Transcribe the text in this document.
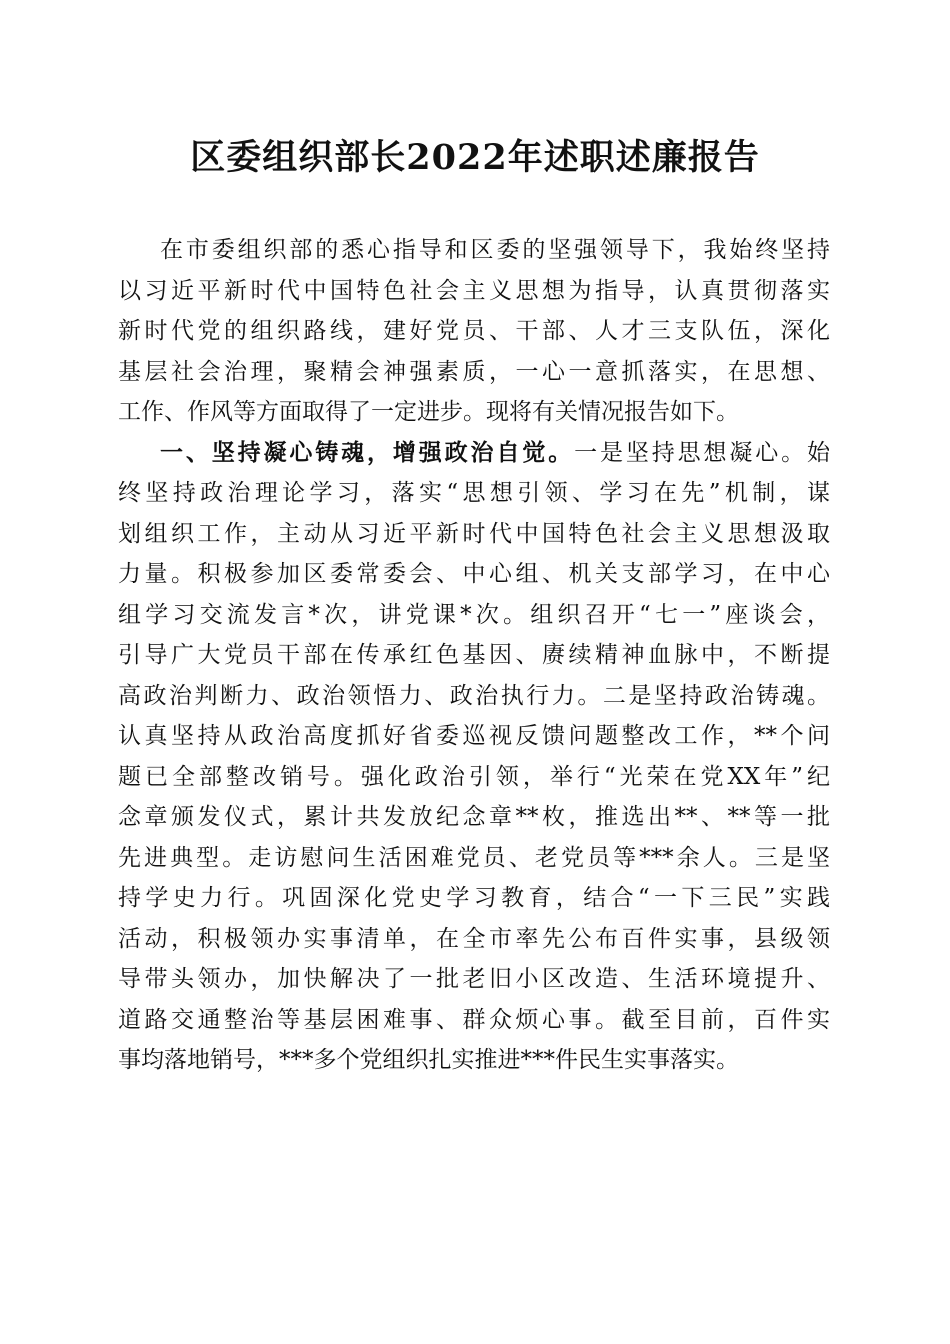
区委组织部长2022年述职述廉报告
在市委组织部的悉心指导和区委的坚强领导下，我始终坚持
以习近平新时代中国特色社会主义思想为指导，认真贯彻落实
新时代党的组织路线，建好党员、干部、人才三支队伍，深化
基层社会治理，聚精会神强素质，一心一意抓落实，在思想、
工作、作风等方面取得了一定进步。现将有关情况报告如下。
一、坚持凝心铸魂，增强政治自觉。一是坚持思想凝心。始
终坚持政治理论学习，落实“思想引领、学习在先”机制，谋
划组织工作，主动从习近平新时代中国特色社会主义思想汲取
力量。积极参加区委常委会、中心组、机关支部学习，在中心
组学习交流发言*次，讲党课*次。组织召开“七一”座谈会，
引导广大党员干部在传承红色基因、赓续精神血脉中，不断提
高政治判断力、政治领悟力、政治执行力。二是坚持政治铸魂。
认真坚持从政治高度抓好省委巡视反馈问题整改工作，**个问
题已全部整改销号。强化政治引领，举行“光荣在党XX年”纪
念章颁发仪式，累计共发放纪念章**枚，推选出**、**等一批
先进典型。走访慰问生活困难党员、老党员等***余人。三是坚
持学史力行。巩固深化党史学习教育，结合“一下三民”实践
活动，积极领办实事清单，在全市率先公布百件实事，县级领
导带头领办，加快解决了一批老旧小区改造、生活环境提升、
道路交通整治等基层困难事、群众烦心事。截至目前，百件实
事均落地销号，***多个党组织扎实推进***件民生实事落实。
